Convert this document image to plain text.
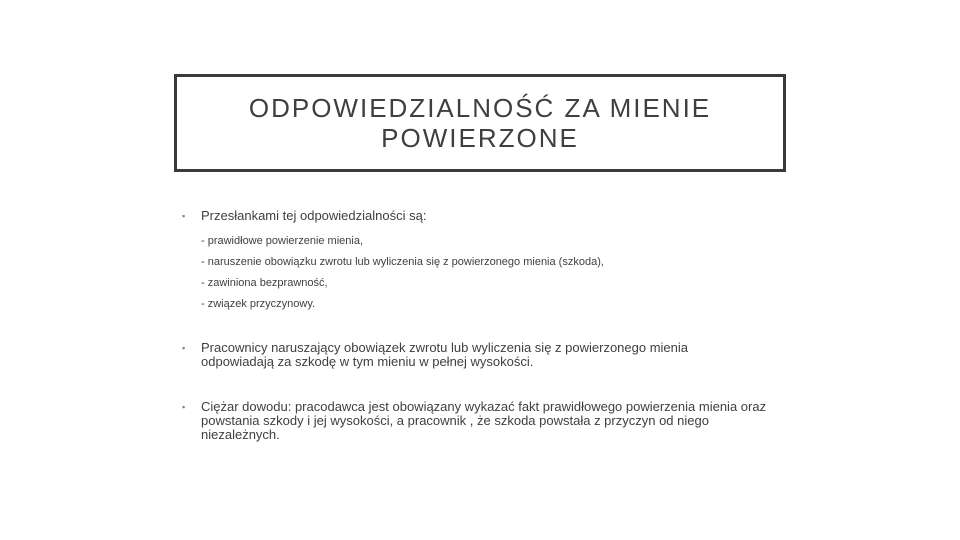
ODPOWIEDZIALNOŚĆ ZA MIENIE
POWIERZONE
▪	Przesłankami tej odpowiedzialności są:
- prawidłowe powierzenie mienia,
- naruszenie obowiązku zwrotu lub wyliczenia się z powierzonego mienia (szkoda),
- zawiniona bezprawność,
- związek przyczynowy.
▪	Pracownicy naruszający obowiązek zwrotu lub wyliczenia się z powierzonego mienia odpowiadają za szkodę w tym mieniu w pełnej wysokości.
▪	Ciężar dowodu: pracodawca jest obowiązany wykazać fakt prawidłowego powierzenia mienia oraz powstania szkody i jej wysokości, a pracownik , że szkoda powstała z przyczyn od niego niezależnych.
